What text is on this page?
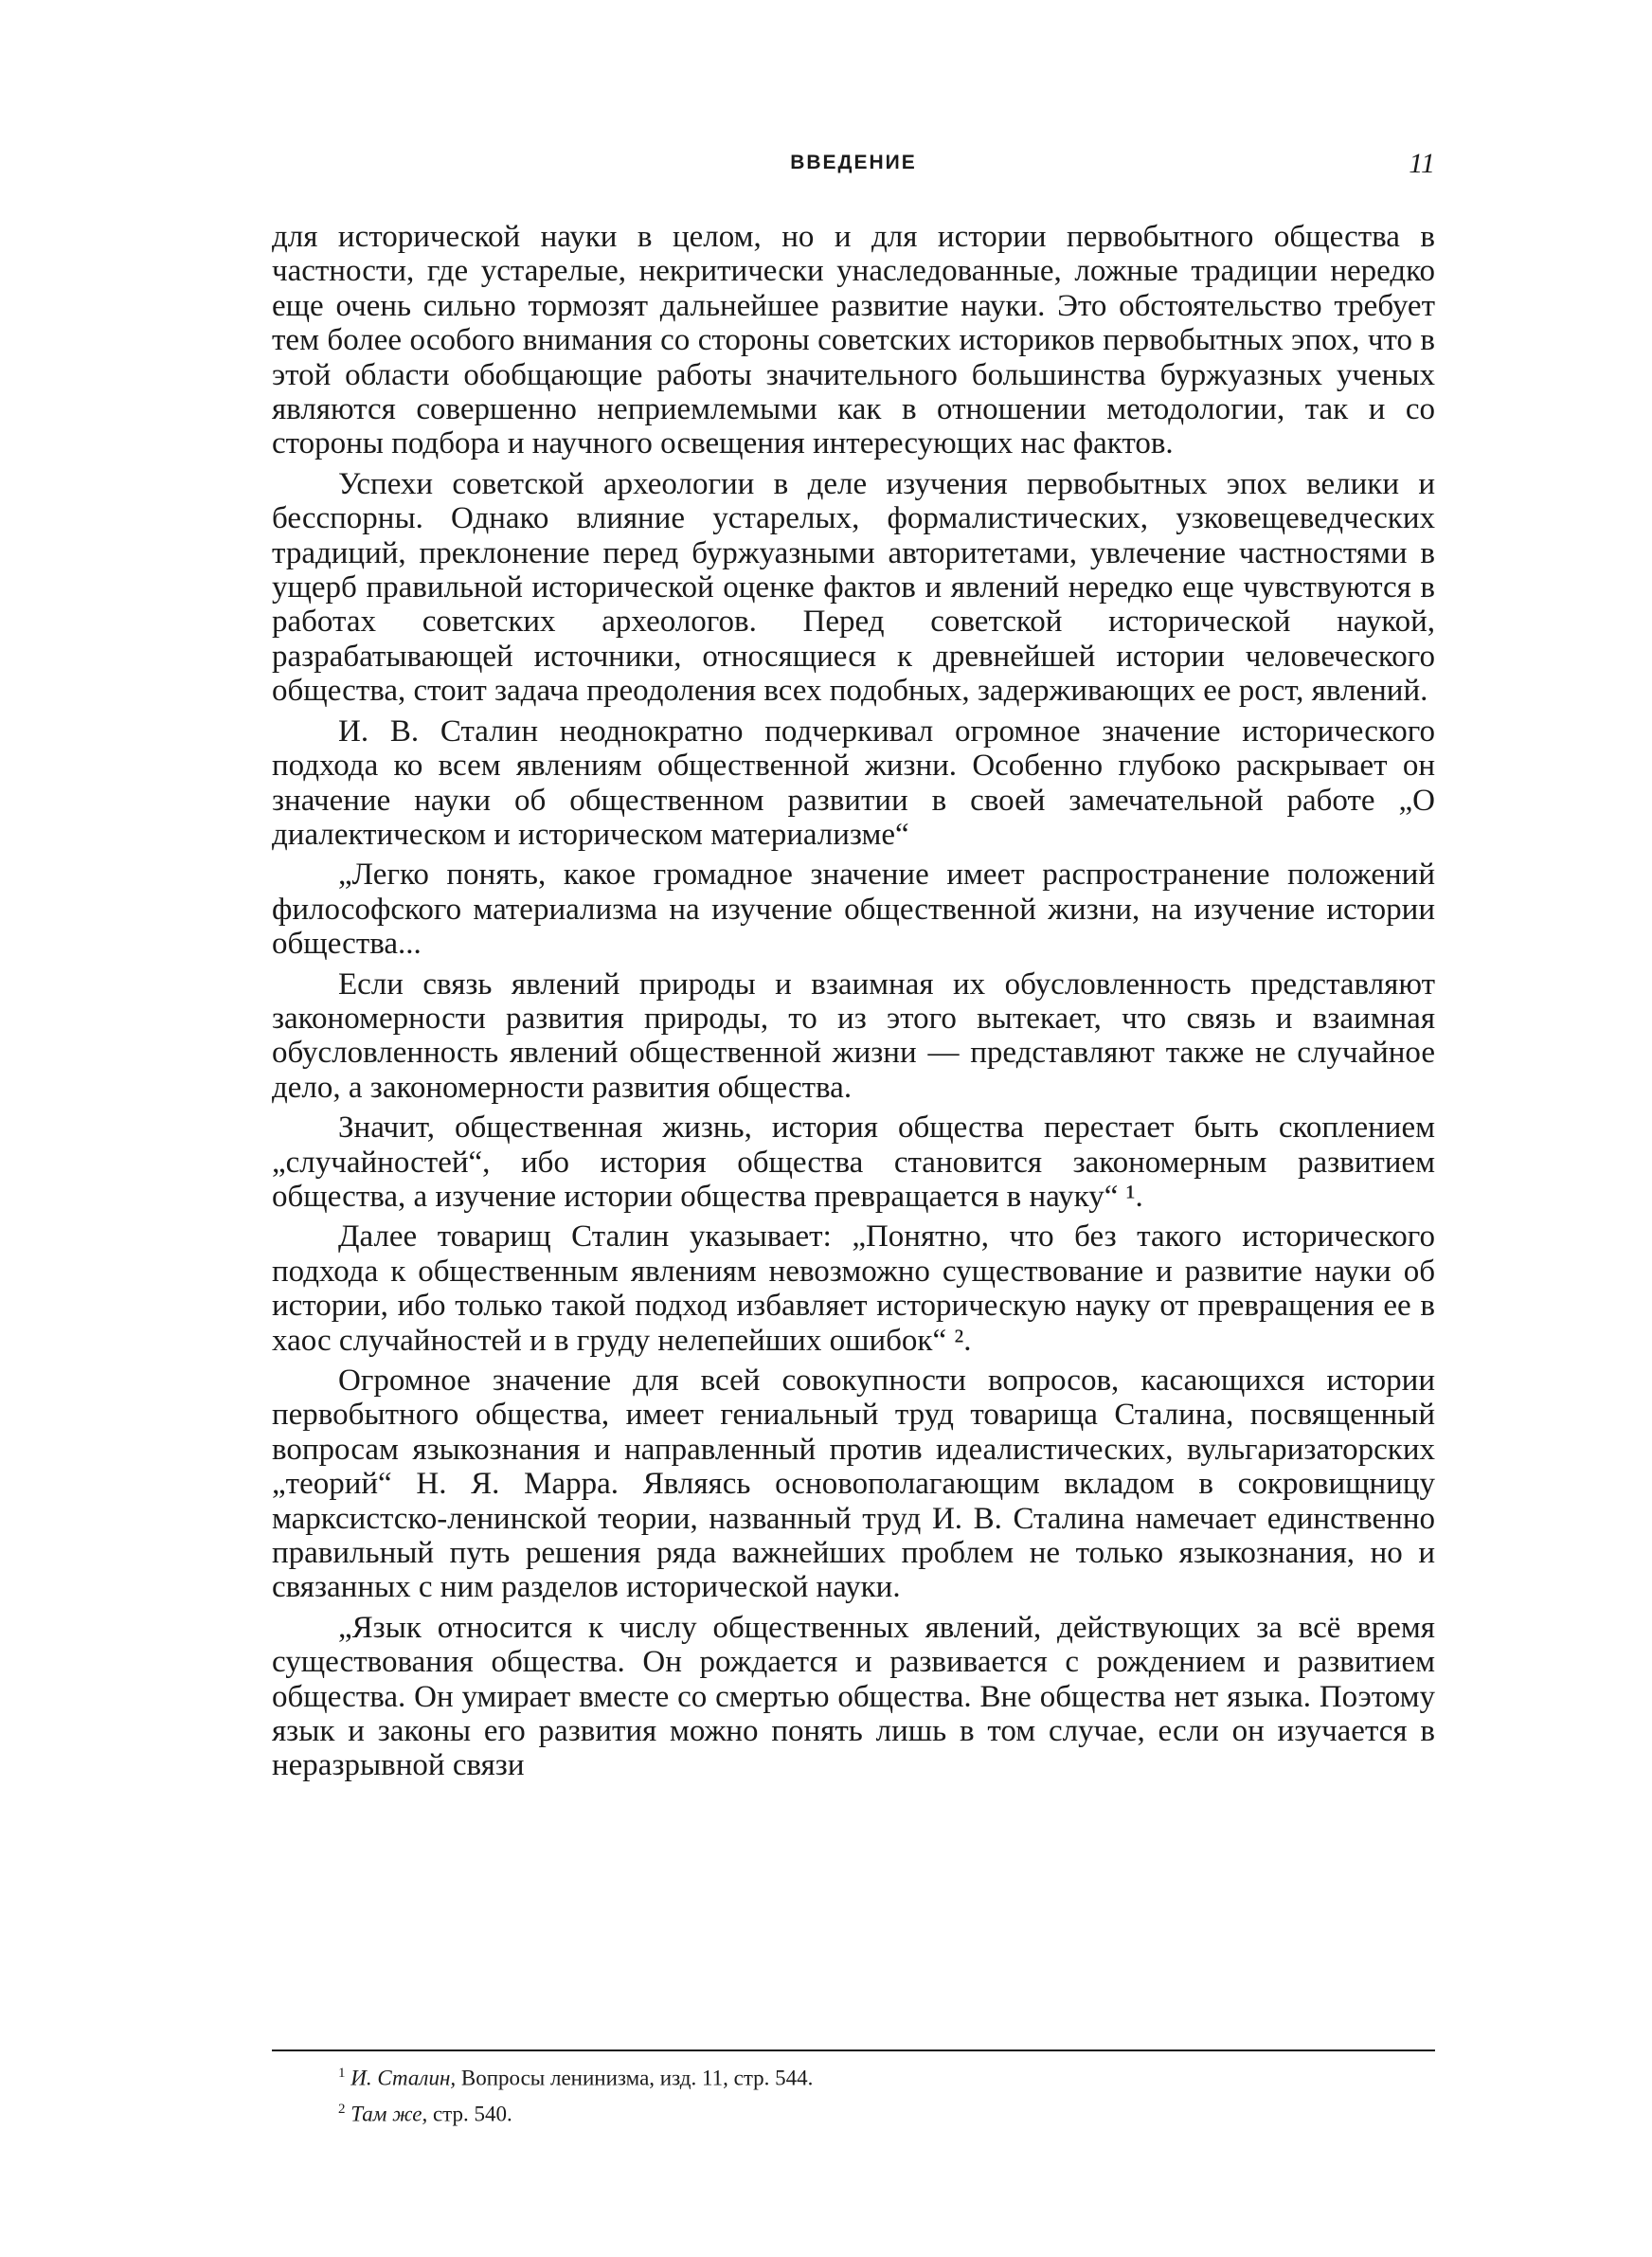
ВВЕДЕНИЕ	11

для исторической науки в целом, но и для истории первобытного общества в частности, где устарелые, некритически унаследованные, ложные традиции нередко еще очень сильно тормозят дальнейшее развитие науки. Это обстоятельство требует тем более особого внимания со стороны советских историков первобытных эпох, что в этой области обобщающие работы значительного большинства буржуазных ученых являются совершенно неприемлемыми как в отношении методологии, так и со стороны подбора и научного освещения интересующих нас фактов.

Успехи советской археологии в деле изучения первобытных эпох велики и бесспорны. Однако влияние устарелых, формалистических, узковещеведческих традиций, преклонение перед буржуазными авторитетами, увлечение частностями в ущерб правильной исторической оценке фактов и явлений нередко еще чувствуются в работах советских археологов. Перед советской исторической наукой, разрабатывающей источники, относящиеся к древнейшей истории человеческого общества, стоит задача преодоления всех подобных, задерживающих ее рост, явлений.

И. В. Сталин неоднократно подчеркивал огромное значение исторического подхода ко всем явлениям общественной жизни. Особенно глубоко раскрывает он значение науки об общественном развитии в своей замечательной работе „О диалектическом и историческом материализме“

„Легко понять, какое громадное значение имеет распространение положений философского материализма на изучение общественной жизни, на изучение истории общества...

Если связь явлений природы и взаимная их обусловленность представляют закономерности развития природы, то из этого вытекает, что связь и взаимная обусловленность явлений общественной жизни — представляют также не случайное дело, а закономерности развития общества.

Значит, общественная жизнь, история общества перестает быть скоплением „случайностей“, ибо история общества становится закономерным развитием общества, а изучение истории общества превращается в науку“ ¹.

Далее товарищ Сталин указывает: „Понятно, что без такого исторического подхода к общественным явлениям невозможно существование и развитие науки об истории, ибо только такой подход избавляет историческую науку от превращения ее в хаос случайностей и в груду нелепейших ошибок“ ².

Огромное значение для всей совокупности вопросов, касающихся истории первобытного общества, имеет гениальный труд товарища Сталина, посвященный вопросам языкознания и направленный против идеалистических, вульгаризаторских „теорий“ Н. Я. Марра. Являясь основополагающим вкладом в сокровищницу марксистско-ленинской теории, названный труд И. В. Сталина намечает единственно правильный путь решения ряда важнейших проблем не только языкознания, но и связанных с ним разделов исторической науки.

„Язык относится к числу общественных явлений, действующих за всё время существования общества. Он рождается и развивается с рождением и развитием общества. Он умирает вместе со смертью общества. Вне общества нет языка. Поэтому язык и законы его развития можно понять лишь в том случае, если он изучается в неразрывной связи

$^1$ И. Сталин, Вопросы ленинизма, изд. 11, стр. 544.
$^2$ Там же, стр. 540.
